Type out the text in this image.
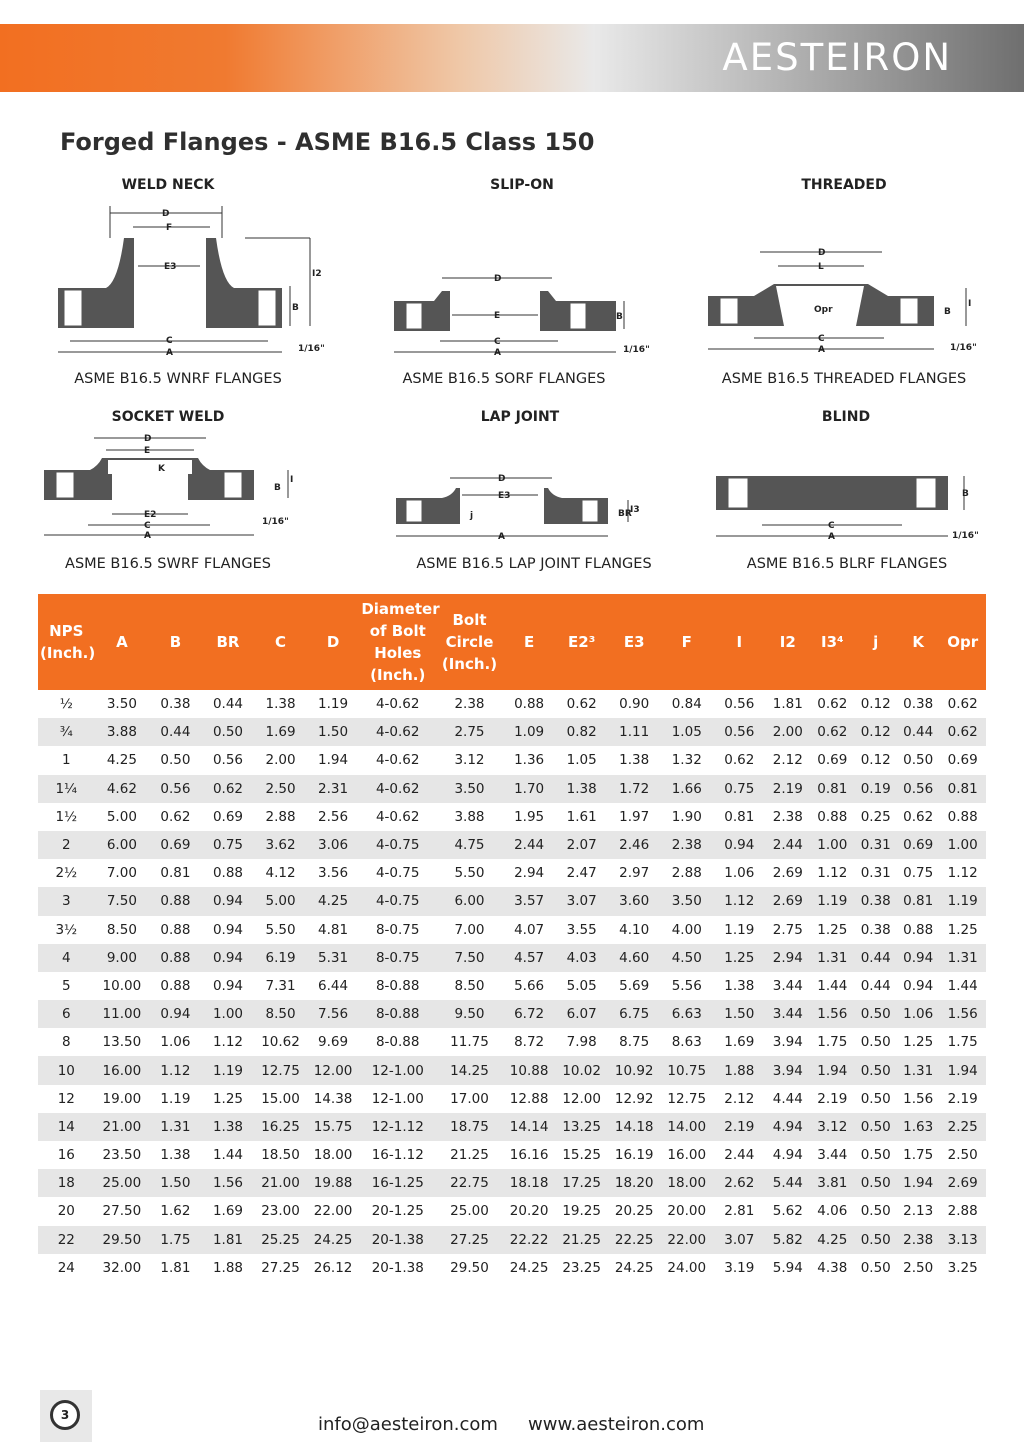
AESTEIRON
Forged Flanges - ASME B16.5 Class 150
WELD NECK	SLIP-ON	THREADED
SOCKET WELD	LAP JOINT	BLIND
ASME B16.5 WNRF FLANGES	ASME B16.5 SORF FLANGES	ASME B16.5 THREADED FLANGES
ASME B16.5 SWRF FLANGES	ASME B16.5 LAP JOINT FLANGES	ASME B16.5 BLRF FLANGES
D
F
E3
I2
B
C
A	1/16"
D
E	B
C
A	1/16"
D
L
Opr
I
B
C
A	1/16"
D
E
K
I
B
E2
C
A
1/16"
D
E3
j
I3
BR
A
B
C
A	1/16"
NPS (Inch.)	A	B	BR	C	D	Diameter of Bolt Holes (Inch.)	Bolt Circle (Inch.)	E	E2³	E3	F	I	I2	I3⁴	j	K	Opr
½	3.50	0.38	0.44	1.38	1.19	4-0.62	2.38	0.88	0.62	0.90	0.84	0.56	1.81	0.62	0.12	0.38	0.62
¾	3.88	0.44	0.50	1.69	1.50	4-0.62	2.75	1.09	0.82	1.11	1.05	0.56	2.00	0.62	0.12	0.44	0.62
1	4.25	0.50	0.56	2.00	1.94	4-0.62	3.12	1.36	1.05	1.38	1.32	0.62	2.12	0.69	0.12	0.50	0.69
1¼	4.62	0.56	0.62	2.50	2.31	4-0.62	3.50	1.70	1.38	1.72	1.66	0.75	2.19	0.81	0.19	0.56	0.81
1½	5.00	0.62	0.69	2.88	2.56	4-0.62	3.88	1.95	1.61	1.97	1.90	0.81	2.38	0.88	0.25	0.62	0.88
2	6.00	0.69	0.75	3.62	3.06	4-0.75	4.75	2.44	2.07	2.46	2.38	0.94	2.44	1.00	0.31	0.69	1.00
2½	7.00	0.81	0.88	4.12	3.56	4-0.75	5.50	2.94	2.47	2.97	2.88	1.06	2.69	1.12	0.31	0.75	1.12
3	7.50	0.88	0.94	5.00	4.25	4-0.75	6.00	3.57	3.07	3.60	3.50	1.12	2.69	1.19	0.38	0.81	1.19
3½	8.50	0.88	0.94	5.50	4.81	8-0.75	7.00	4.07	3.55	4.10	4.00	1.19	2.75	1.25	0.38	0.88	1.25
4	9.00	0.88	0.94	6.19	5.31	8-0.75	7.50	4.57	4.03	4.60	4.50	1.25	2.94	1.31	0.44	0.94	1.31
5	10.00	0.88	0.94	7.31	6.44	8-0.88	8.50	5.66	5.05	5.69	5.56	1.38	3.44	1.44	0.44	0.94	1.44
6	11.00	0.94	1.00	8.50	7.56	8-0.88	9.50	6.72	6.07	6.75	6.63	1.50	3.44	1.56	0.50	1.06	1.56
8	13.50	1.06	1.12	10.62	9.69	8-0.88	11.75	8.72	7.98	8.75	8.63	1.69	3.94	1.75	0.50	1.25	1.75
10	16.00	1.12	1.19	12.75	12.00	12-1.00	14.25	10.88	10.02	10.92	10.75	1.88	3.94	1.94	0.50	1.31	1.94
12	19.00	1.19	1.25	15.00	14.38	12-1.00	17.00	12.88	12.00	12.92	12.75	2.12	4.44	2.19	0.50	1.56	2.19
14	21.00	1.31	1.38	16.25	15.75	12-1.12	18.75	14.14	13.25	14.18	14.00	2.19	4.94	3.12	0.50	1.63	2.25
16	23.50	1.38	1.44	18.50	18.00	16-1.12	21.25	16.16	15.25	16.19	16.00	2.44	4.94	3.44	0.50	1.75	2.50
18	25.00	1.50	1.56	21.00	19.88	16-1.25	22.75	18.18	17.25	18.20	18.00	2.62	5.44	3.81	0.50	1.94	2.69
20	27.50	1.62	1.69	23.00	22.00	20-1.25	25.00	20.20	19.25	20.25	20.00	2.81	5.62	4.06	0.50	2.13	2.88
22	29.50	1.75	1.81	25.25	24.25	20-1.38	27.25	22.22	21.25	22.25	22.00	3.07	5.82	4.25	0.50	2.38	3.13
24	32.00	1.81	1.88	27.25	26.12	20-1.38	29.50	24.25	23.25	24.25	24.00	3.19	5.94	4.38	0.50	2.50	3.25
3	info@aesteiron.com www.aesteiron.com
